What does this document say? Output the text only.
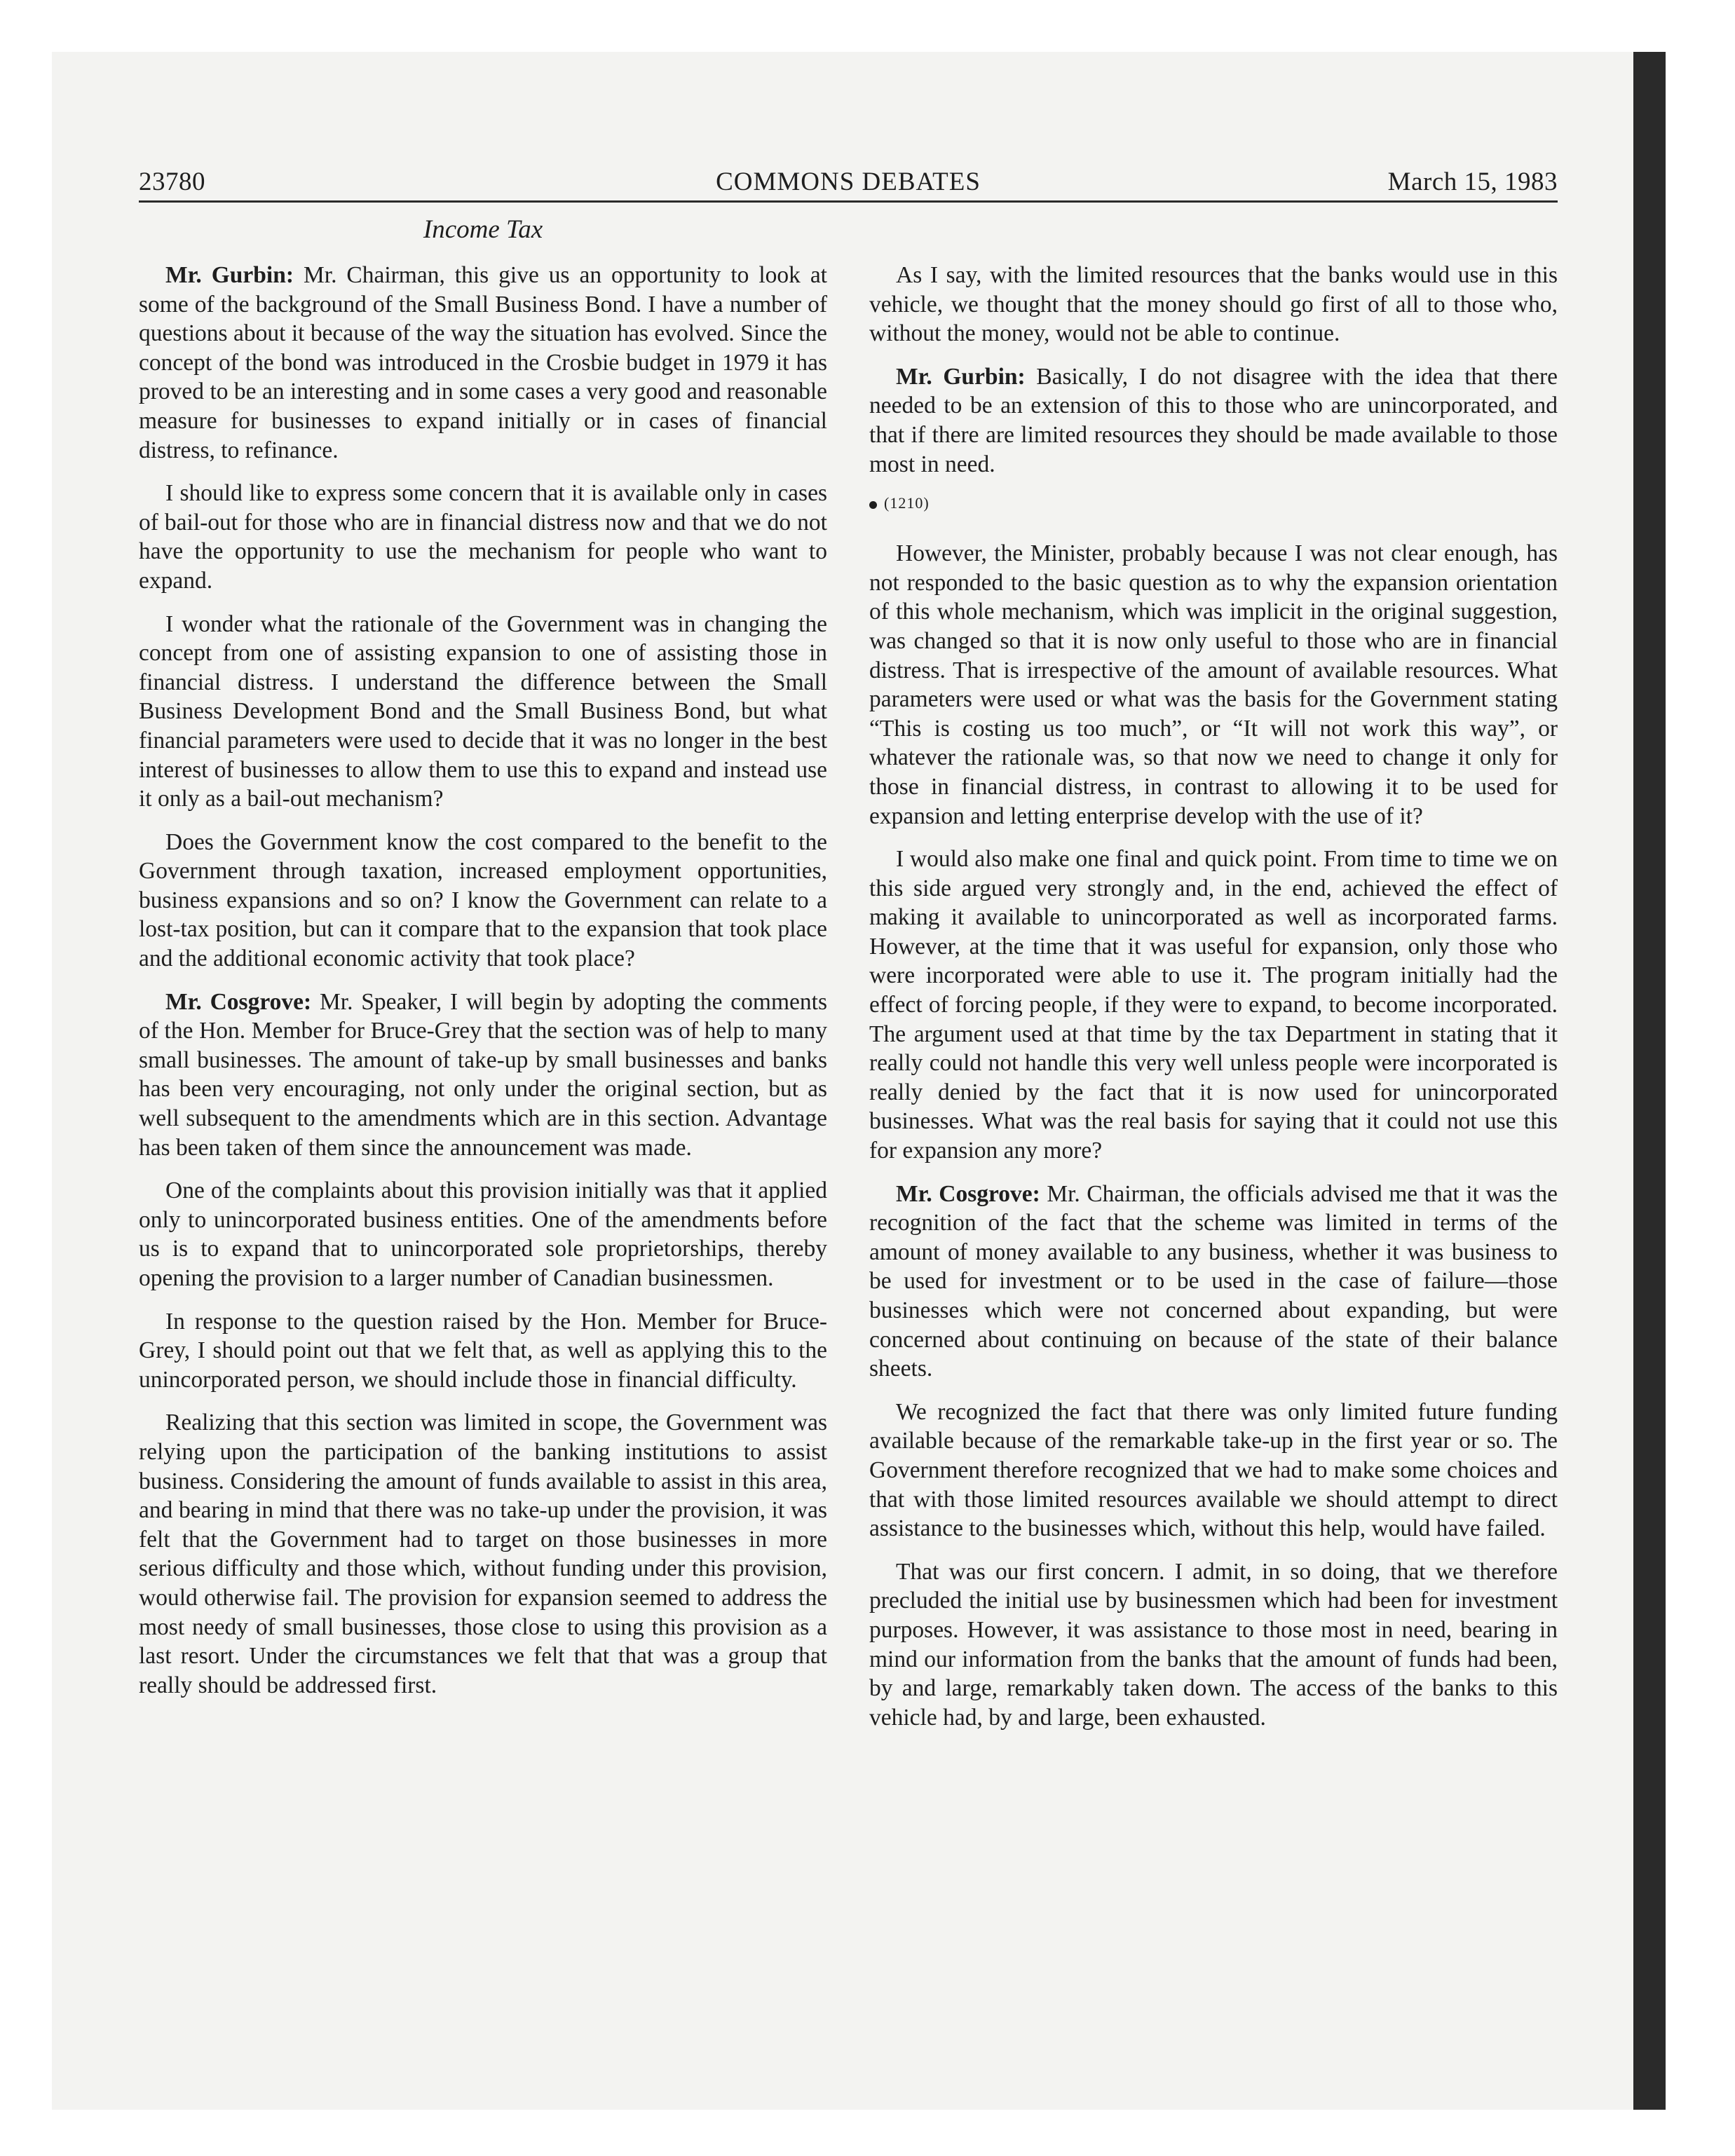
23780	COMMONS DEBATES	March 15, 1983
Income Tax

Mr. Gurbin: Mr. Chairman, this give us an opportunity to look at some of the background of the Small Business Bond. I have a number of questions about it because of the way the situation has evolved. Since the concept of the bond was introduced in the Crosbie budget in 1979 it has proved to be an interesting and in some cases a very good and reasonable measure for businesses to expand initially or in cases of financial distress, to refinance.

I should like to express some concern that it is available only in cases of bail-out for those who are in financial distress now and that we do not have the opportunity to use the mechanism for people who want to expand.

I wonder what the rationale of the Government was in changing the concept from one of assisting expansion to one of assisting those in financial distress. I understand the difference between the Small Business Development Bond and the Small Business Bond, but what financial parameters were used to decide that it was no longer in the best interest of businesses to allow them to use this to expand and instead use it only as a bail-out mechanism?

Does the Government know the cost compared to the benefit to the Government through taxation, increased employment opportunities, business expansions and so on? I know the Government can relate to a lost-tax position, but can it compare that to the expansion that took place and the additional economic activity that took place?

Mr. Cosgrove: Mr. Speaker, I will begin by adopting the comments of the Hon. Member for Bruce-Grey that the section was of help to many small businesses. The amount of take-up by small businesses and banks has been very encouraging, not only under the original section, but as well subsequent to the amendments which are in this section. Advantage has been taken of them since the announcement was made.

One of the complaints about this provision initially was that it applied only to unincorporated business entities. One of the amendments before us is to expand that to unincorporated sole proprietorships, thereby opening the provision to a larger number of Canadian businessmen.

In response to the question raised by the Hon. Member for Bruce-Grey, I should point out that we felt that, as well as applying this to the unincorporated person, we should include those in financial difficulty.

Realizing that this section was limited in scope, the Government was relying upon the participation of the banking institutions to assist business. Considering the amount of funds available to assist in this area, and bearing in mind that there was no take-up under the provision, it was felt that the Government had to target on those businesses in more serious difficulty and those which, without funding under this provision, would otherwise fail. The provision for expansion seemed to address the most needy of small businesses, those close to using this provision as a last resort. Under the circumstances we felt that that was a group that really should be addressed first.

As I say, with the limited resources that the banks would use in this vehicle, we thought that the money should go first of all to those who, without the money, would not be able to continue.

Mr. Gurbin: Basically, I do not disagree with the idea that there needed to be an extension of this to those who are unincorporated, and that if there are limited resources they should be made available to those most in need.

(1210)

However, the Minister, probably because I was not clear enough, has not responded to the basic question as to why the expansion orientation of this whole mechanism, which was implicit in the original suggestion, was changed so that it is now only useful to those who are in financial distress. That is irrespective of the amount of available resources. What parameters were used or what was the basis for the Government stating “This is costing us too much”, or “It will not work this way”, or whatever the rationale was, so that now we need to change it only for those in financial distress, in contrast to allowing it to be used for expansion and letting enterprise develop with the use of it?

I would also make one final and quick point. From time to time we on this side argued very strongly and, in the end, achieved the effect of making it available to unincorporated as well as incorporated farms. However, at the time that it was useful for expansion, only those who were incorporated were able to use it. The program initially had the effect of forcing people, if they were to expand, to become incorporated. The argument used at that time by the tax Department in stating that it really could not handle this very well unless people were incorporated is really denied by the fact that it is now used for unincorporated businesses. What was the real basis for saying that it could not use this for expansion any more?

Mr. Cosgrove: Mr. Chairman, the officials advised me that it was the recognition of the fact that the scheme was limited in terms of the amount of money available to any business, whether it was business to be used for investment or to be used in the case of failure—those businesses which were not concerned about expanding, but were concerned about continuing on because of the state of their balance sheets.

We recognized the fact that there was only limited future funding available because of the remarkable take-up in the first year or so. The Government therefore recognized that we had to make some choices and that with those limited resources available we should attempt to direct assistance to the businesses which, without this help, would have failed.

That was our first concern. I admit, in so doing, that we therefore precluded the initial use by businessmen which had been for investment purposes. However, it was assistance to those most in need, bearing in mind our information from the banks that the amount of funds had been, by and large, remarkably taken down. The access of the banks to this vehicle had, by and large, been exhausted.
